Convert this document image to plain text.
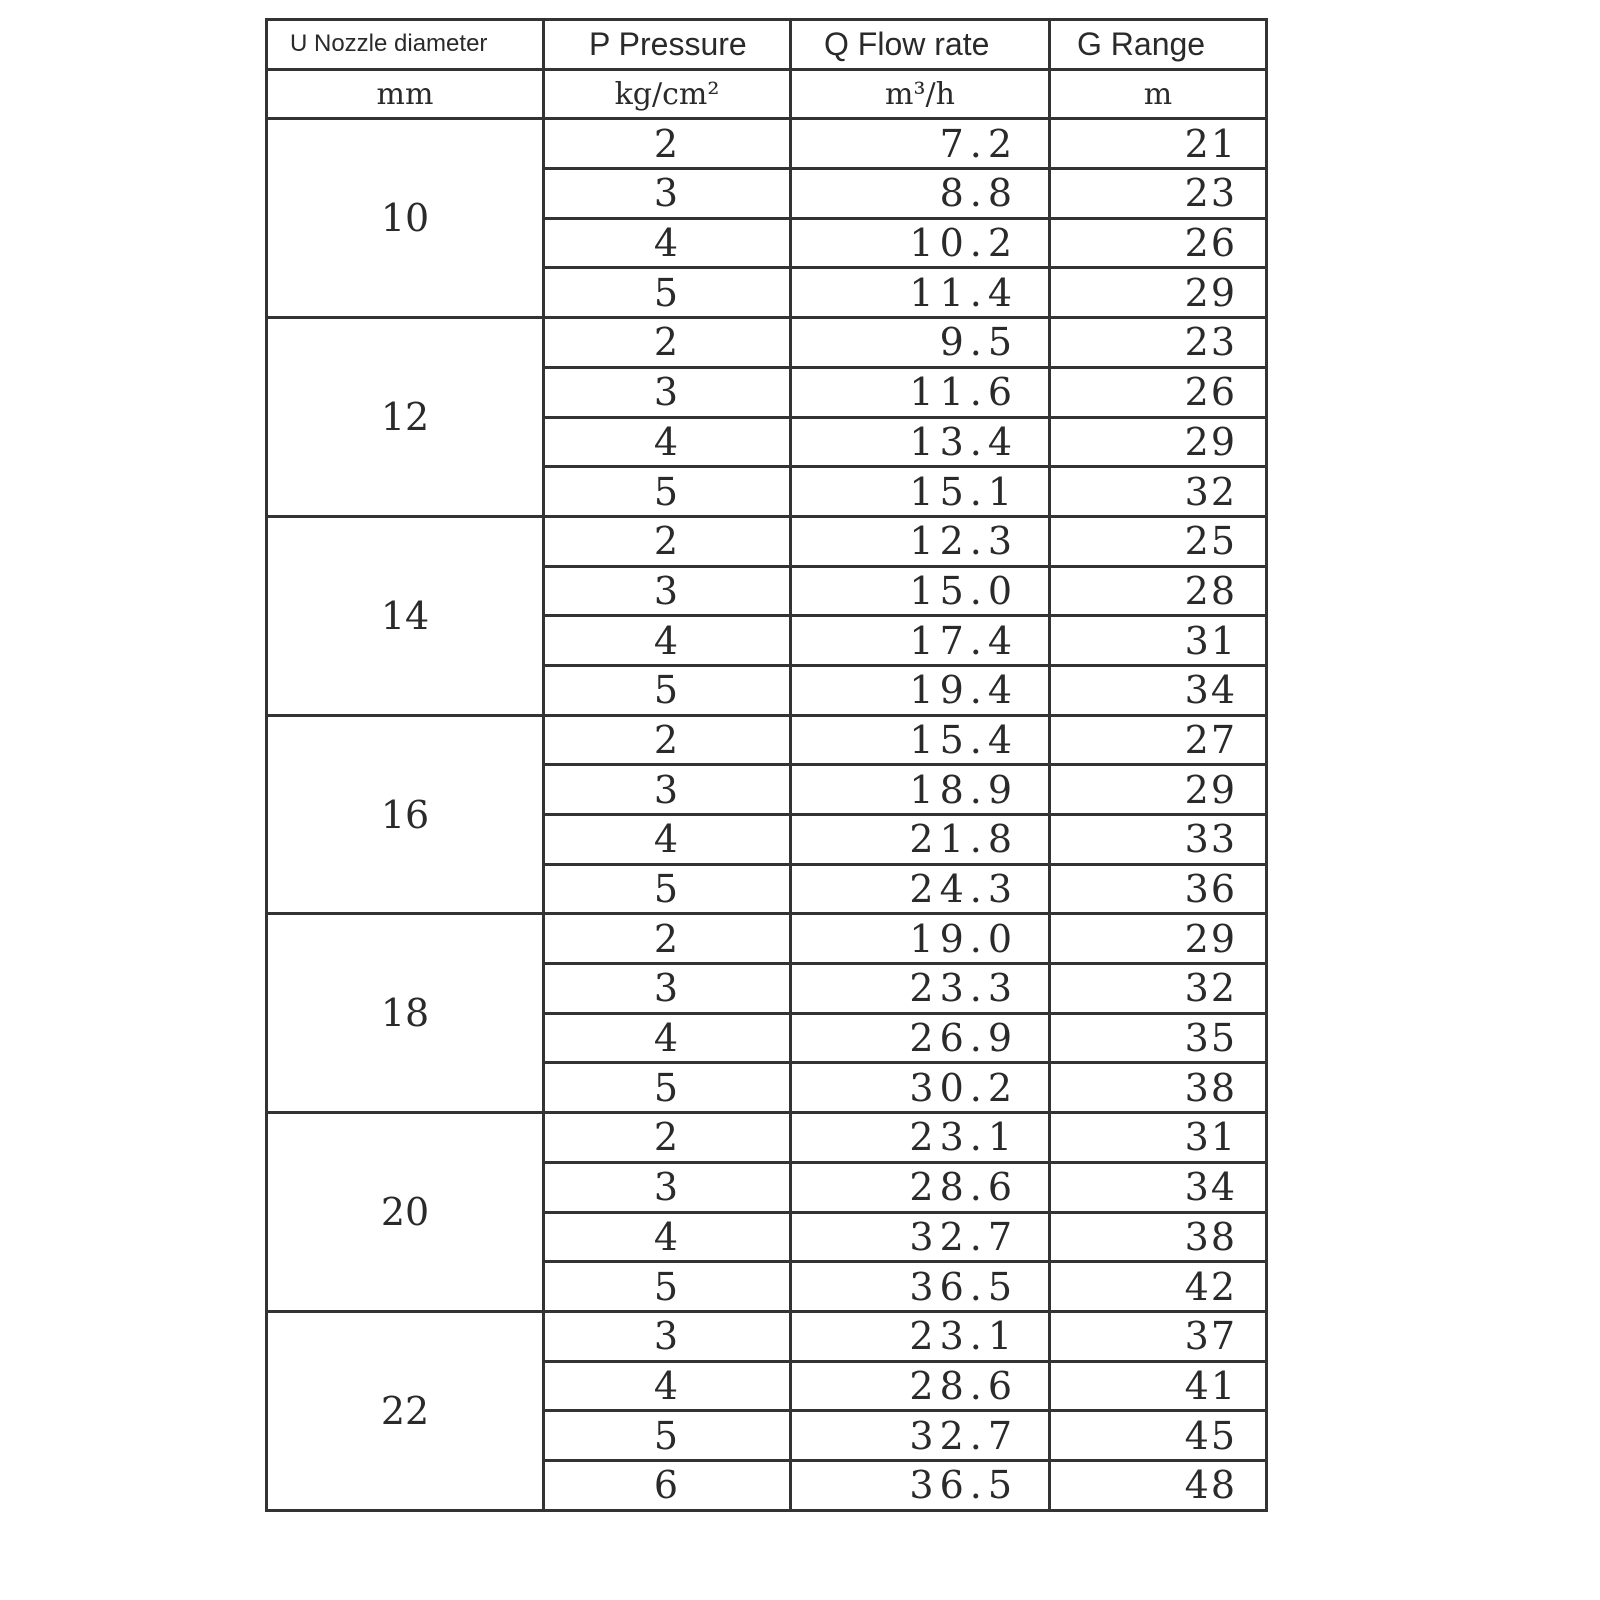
U Nozzle diameter	P Pressure	Q Flow rate	G Range
mm	kg/cm²	m³/h	m
10	2	7.2	21
	3	8.8	23
	4	10.2	26
	5	11.4	29
12	2	9.5	23
	3	11.6	26
	4	13.4	29
	5	15.1	32
14	2	12.3	25
	3	15.0	28
	4	17.4	31
	5	19.4	34
16	2	15.4	27
	3	18.9	29
	4	21.8	33
	5	24.3	36
18	2	19.0	29
	3	23.3	32
	4	26.9	35
	5	30.2	38
20	2	23.1	31
	3	28.6	34
	4	32.7	38
	5	36.5	42
22	3	23.1	37
	4	28.6	41
	5	32.7	45
	6	36.5	48
